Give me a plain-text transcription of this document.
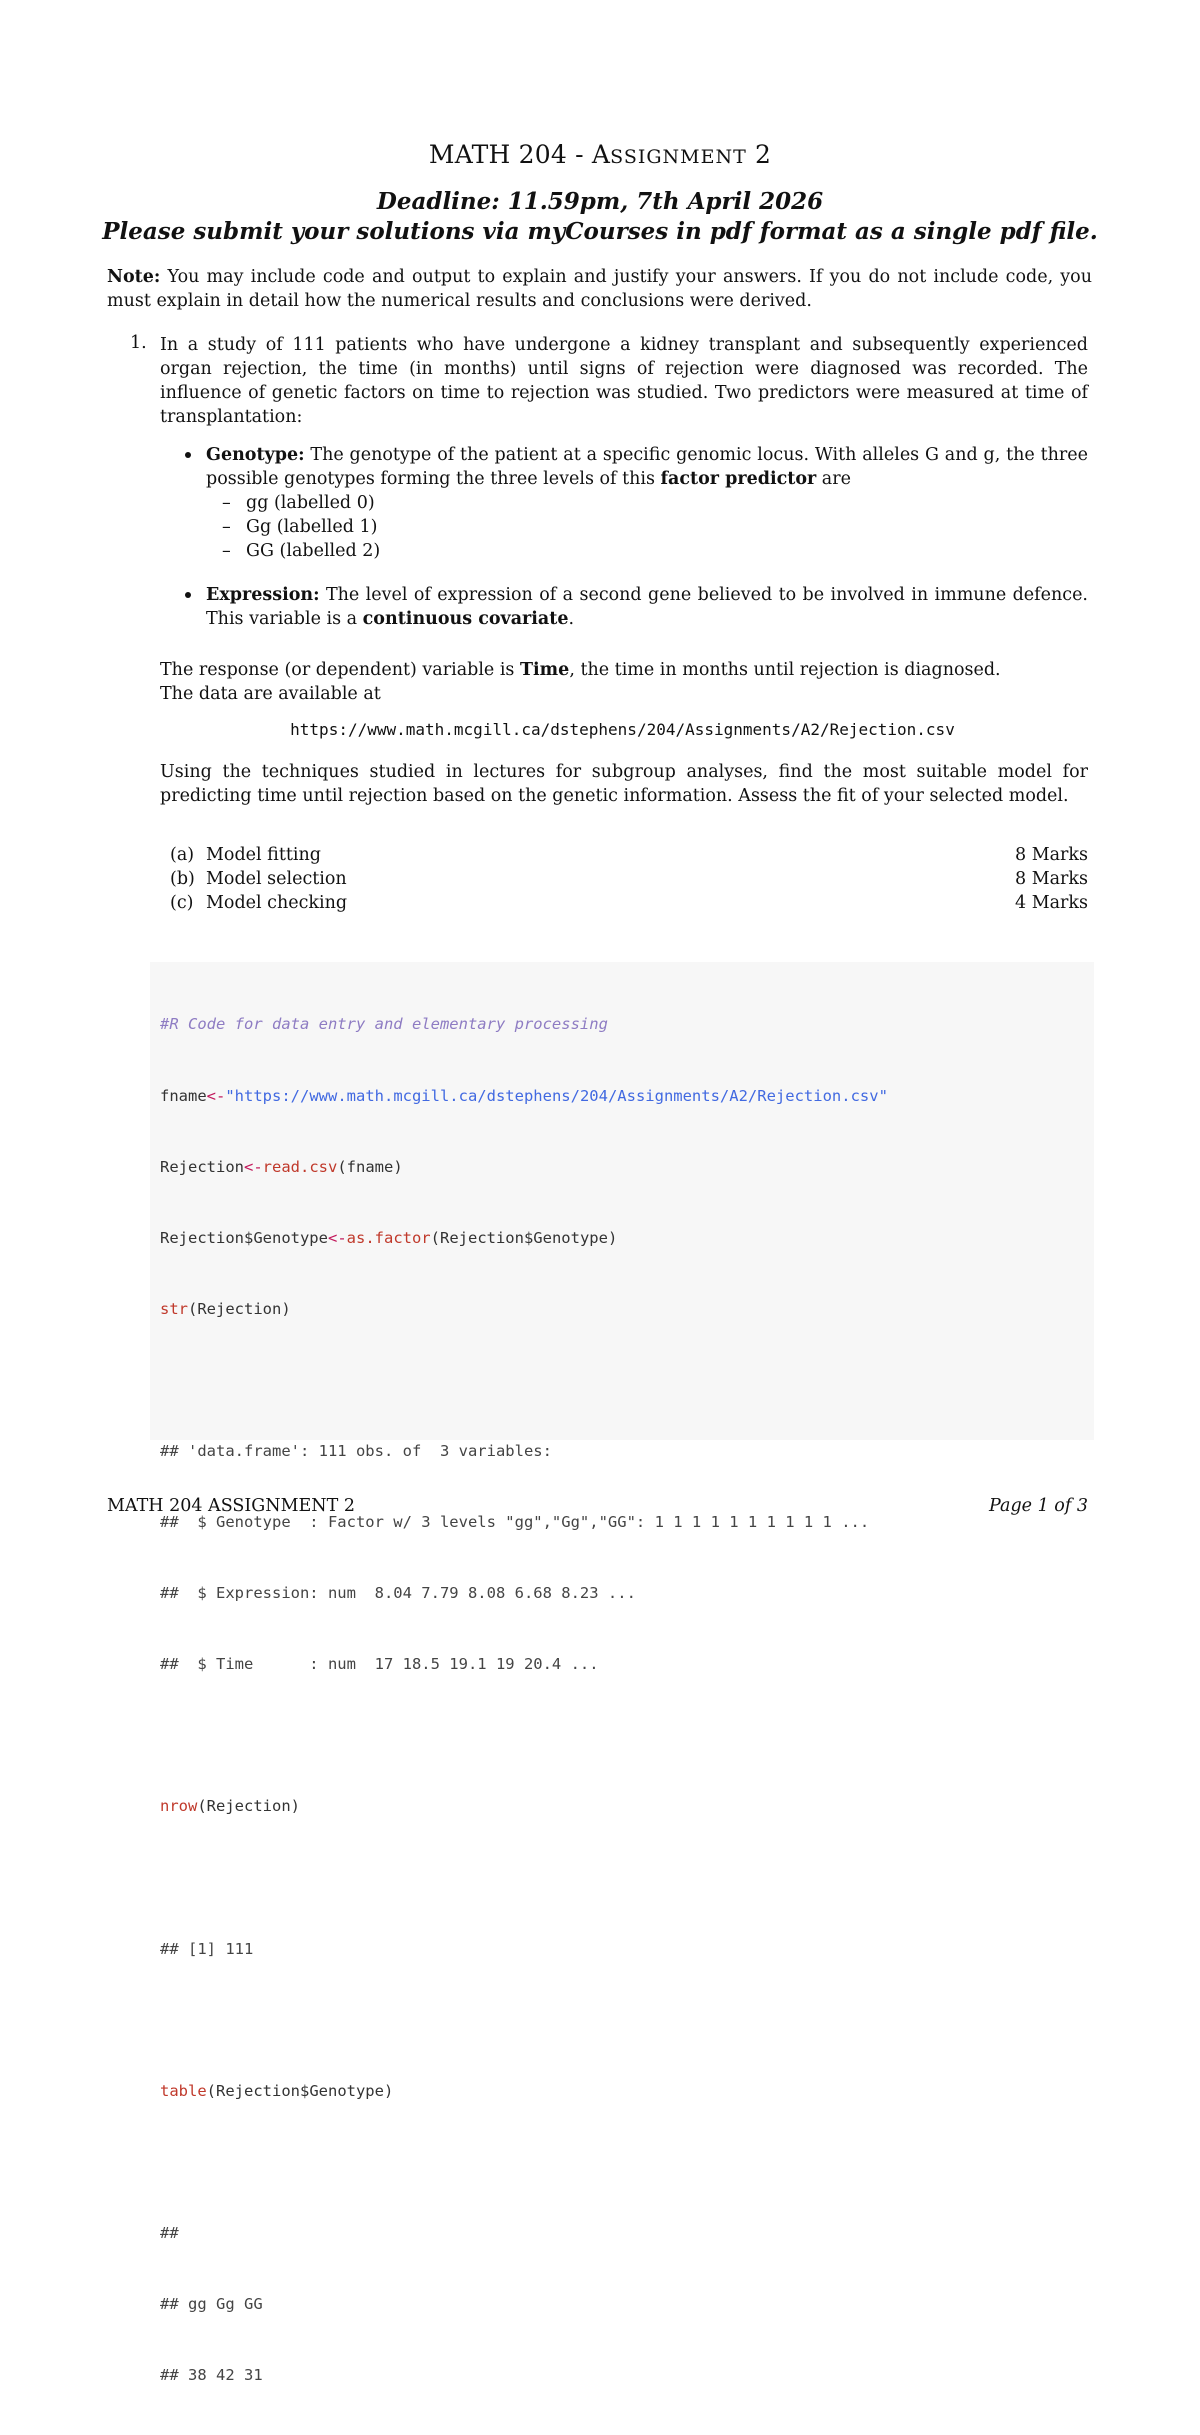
MATH 204 - ASSIGNMENT 2
Deadline: 11.59pm, 7th April 2026
Please submit your solutions via myCourses in pdf format as a single pdf file.
Note: You may include code and output to explain and justify your answers. If you do not include code, you must explain in detail how the numerical results and conclusions were derived.
1. In a study of 111 patients who have undergone a kidney transplant and subsequently experienced organ rejection, the time (in months) until signs of rejection were diagnosed was recorded. The influence of genetic factors on time to rejection was studied. Two predictors were measured at time of transplantation:
Genotype: The genotype of the patient at a specific genomic locus. With alleles G and g, the three possible genotypes forming the three levels of this factor predictor are
– gg (labelled 0)
– Gg (labelled 1)
– GG (labelled 2)
Expression: The level of expression of a second gene believed to be involved in immune defence. This variable is a continuous covariate.
The response (or dependent) variable is Time, the time in months until rejection is diagnosed.
The data are available at
https://www.math.mcgill.ca/dstephens/204/Assignments/A2/Rejection.csv
Using the techniques studied in lectures for subgroup analyses, find the most suitable model for predicting time until rejection based on the genetic information. Assess the fit of your selected model.
(a) Model fitting	8 Marks
(b) Model selection	8 Marks
(c) Model checking	4 Marks

#R Code for data entry and elementary processing

fname<-"https://www.math.mcgill.ca/dstephens/204/Assignments/A2/Rejection.csv"

Rejection<-read.csv(fname)

Rejection$Genotype<-as.factor(Rejection$Genotype)

str(Rejection)

## 'data.frame': 111 obs. of  3 variables:

##  $ Genotype  : Factor w/ 3 levels "gg","Gg","GG": 1 1 1 1 1 1 1 1 1 1 ...

##  $ Expression: num  8.04 7.79 8.08 6.68 8.23 ...

##  $ Time      : num  17 18.5 19.1 19 20.4 ...

nrow(Rejection)

## [1] 111

table(Rejection$Genotype)

##

## gg Gg GG

## 38 42 31

MATH 204 ASSIGNMENT 2	Page 1 of 3
